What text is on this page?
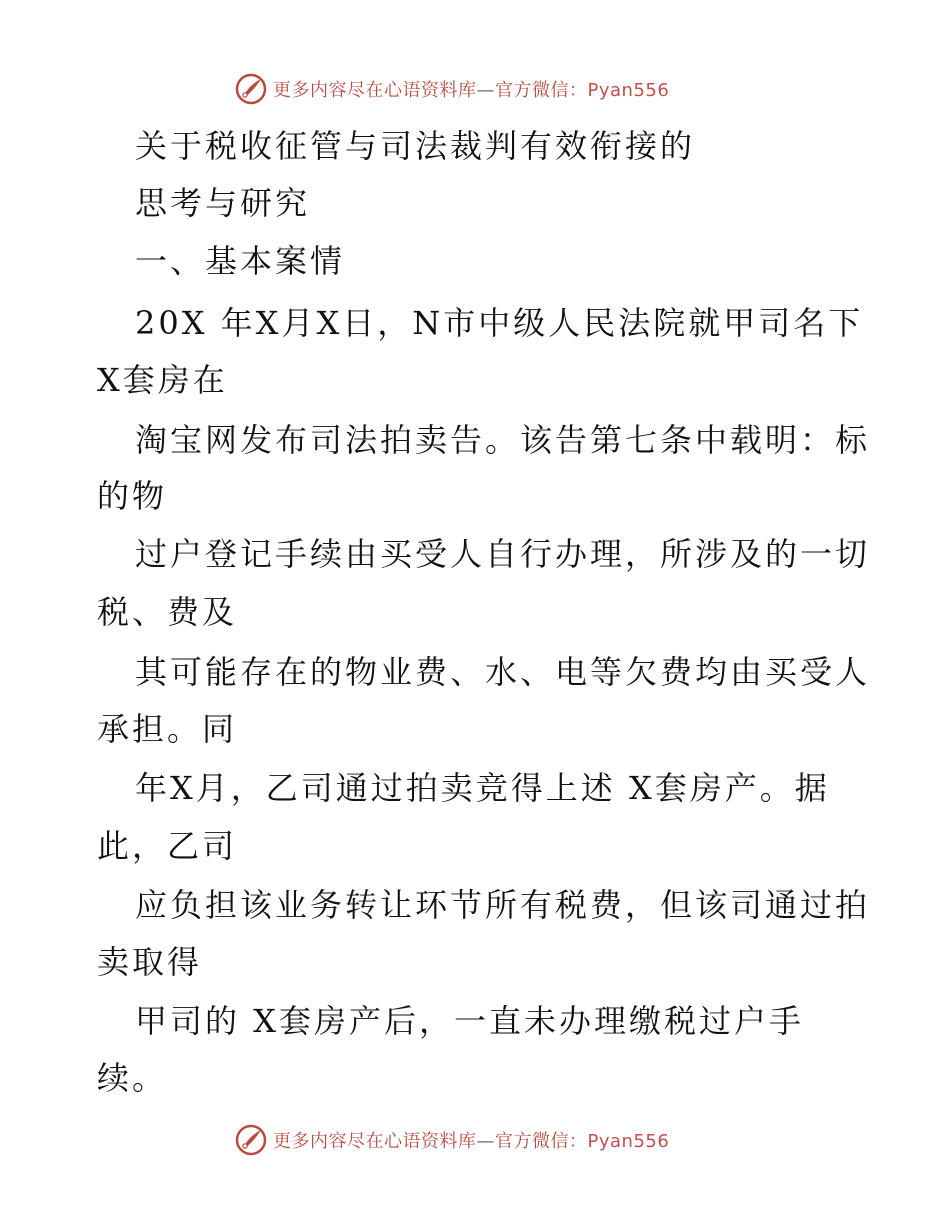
更多内容尽在心语资料库—官方微信：Pyan556
关于税收征管与司法裁判有效衔接的
思考与研究
一、基本案情
20X 年X月X日，N市中级人民法院就甲司名下
X套房在
淘宝网发布司法拍卖告。该告第七条中载明：标
的物
过户登记手续由买受人自行办理，所涉及的一切
税、费及
其可能存在的物业费、水、电等欠费均由买受人
承担。同
年X月，乙司通过拍卖竞得上述 X套房产。据
此，乙司
应负担该业务转让环节所有税费，但该司通过拍
卖取得
甲司的 X套房产后，一直未办理缴税过户手
续。
更多内容尽在心语资料库—官方微信：Pyan556
